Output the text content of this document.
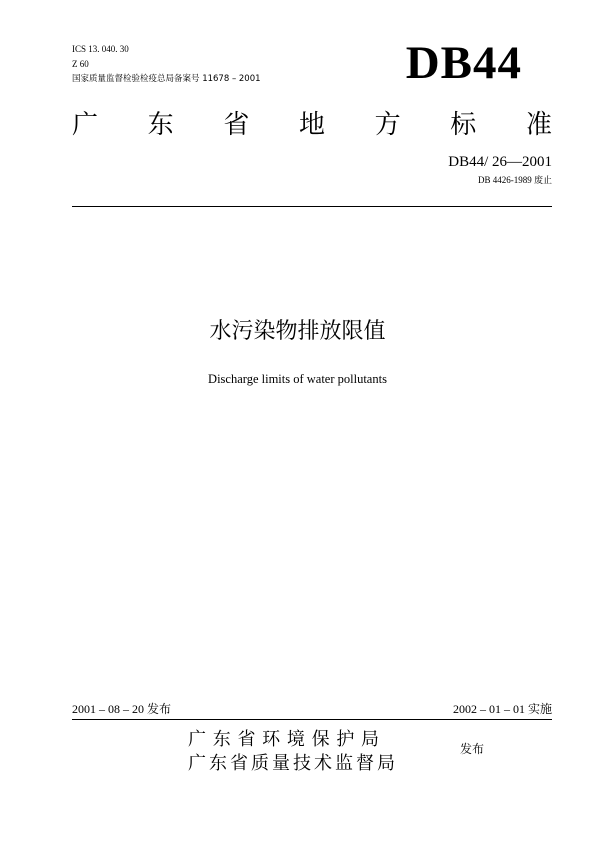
ICS 13. 040. 30
Z 60
国家质量监督检验检疫总局备案号 11678 – 2001	DB44
广 东 省 地 方 标 准
DB44/ 26—2001
DB 4426-1989 废止
水污染物排放限值
Discharge limits of water pollutants
2001 – 08 – 20 发布	2002 – 01 – 01 实施
广 东 省 环 境 保 护 局
广东省质量技术监督局
发布
